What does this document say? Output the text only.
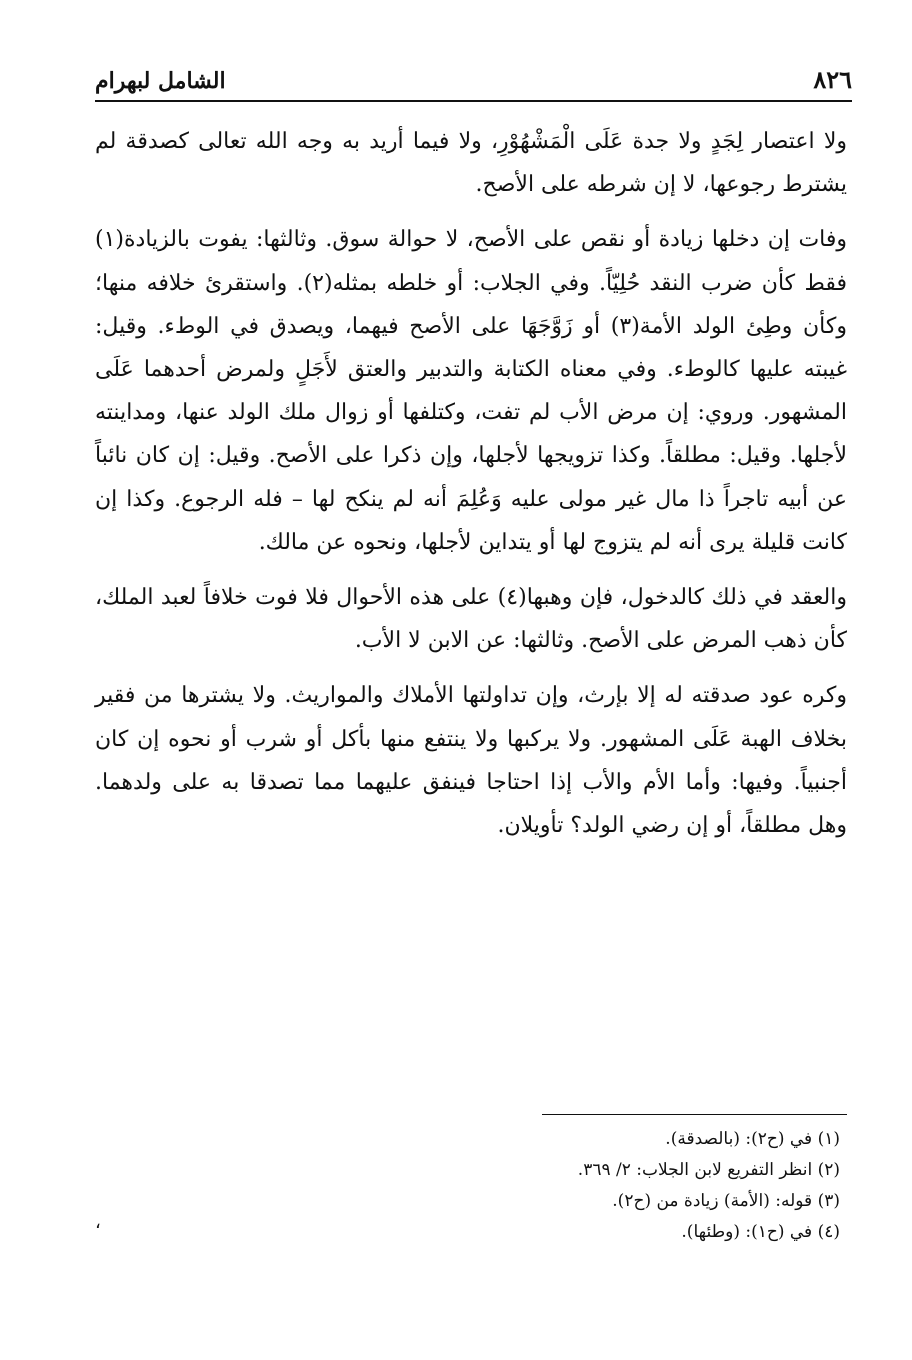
٨٢٦
الشامل لبهرام

ولا اعتصار لِجَدٍ ولا جدة عَلَى الْمَشْهُوْرِ، ولا فيما أريد به وجه الله تعالى كصدقة لم يشترط رجوعها، لا إن شرطه على الأصح.

وفات إن دخلها زيادة أو نقص على الأصح، لا حوالة سوق. وثالثها: يفوت بالزيادة(١) فقط كأن ضرب النقد حُلِيّاً. وفي الجلاب: أو خلطه بمثله(٢). واستقرئ خلافه منها؛ وكأن وطِئ الولد الأمة(٣) أو زَوَّجَهَا على الأصح فيهما، ويصدق في الوطء. وقيل: غيبته عليها كالوطء. وفي معناه الكتابة والتدبير والعتق لأَجَلٍ ولمرض أحدهما عَلَى المشهور. وروي: إن مرض الأب لم تفت، وكتلفها أو زوال ملك الولد عنها، ومداينته لأجلها. وقيل: مطلقاً. وكذا تزويجها لأجلها، وإن ذكرا على الأصح. وقيل: إن كان نائباً عن أبيه تاجراً ذا مال غير مولى عليه وَعُلِمَ أنه لم ينكح لها – فله الرجوع. وكذا إن كانت قليلة يرى أنه لم يتزوج لها أو يتداين لأجلها، ونحوه عن مالك.

والعقد في ذلك كالدخول، فإن وهبها(٤) على هذه الأحوال فلا فوت خلافاً لعبد الملك، كأن ذهب المرض على الأصح. وثالثها: عن الابن لا الأب.

وكره عود صدقته له إلا بإرث، وإن تداولتها الأملاك والمواريث. ولا يشترها من فقير بخلاف الهبة عَلَى المشهور. ولا يركبها ولا ينتفع منها بأكل أو شرب أو نحوه إن كان أجنبياً. وفيها: وأما الأم والأب إذا احتاجا فينفق عليهما مما تصدقا به على ولدهما. وهل مطلقاً، أو إن رضي الولد؟ تأويلان.

(١) في (ح٢): (بالصدقة).
(٢) انظر التفريع لابن الجلاب: ٢/ ٣٦٩.
(٣) قوله: (الأمة) زيادة من (ح٢).
(٤) في (ح١): (وطئها).
،
